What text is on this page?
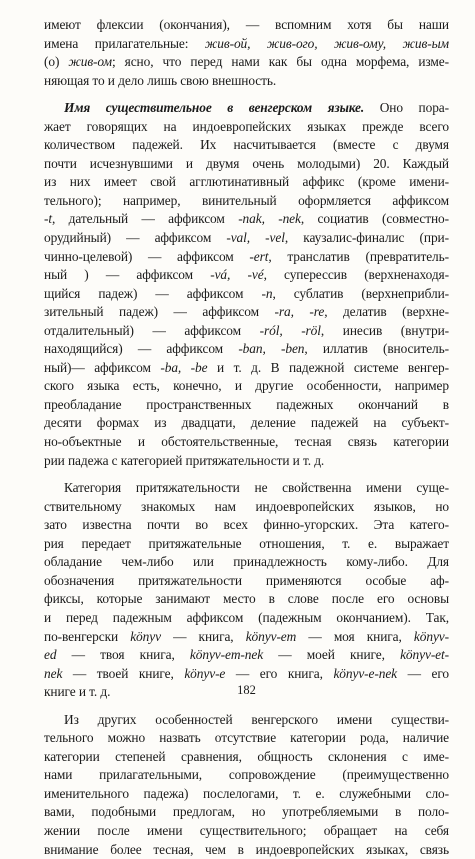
имеют флексии (окончания), — вспомним хотя бы наши
имена прилагательные: жив-ой, жив-ого, жив-ому, жив-ым
(о) жив-ом; ясно, что перед нами как бы одна морфема, изме-
няющая то и дело лишь свою внешность.
Имя существительное в венгерском языке. Оно пора-
жает говорящих на индоевропейских языках прежде всего
количеством падежей. Их насчитывается (вместе с двумя
почти исчезнувшими и двумя очень молодыми) 20. Каждый
из них имеет свой агглютинативный аффикс (кроме имени-
тельного); например, винительный оформляется аффиксом
-t, дательный — аффиксом -nak, -nek, социатив (совместно-
орудийный) — аффиксом -val, -vel, каузалис-финалис (при-
чинно-целевой) — аффиксом -ert, транслатив (превратитель-
ный ) — аффиксом -vá, -vé, суперессив (верхненаходя-
щийся падеж) — аффиксом -n, сублатив (верхнеприбли-
зительный падеж) — аффиксом -ra, -re, делатив (верхне-
отдалительный) — аффиксом -ról, -röl, инесив (внутри-
находящийся) — аффиксом -ban, -ben, иллатив (вноситель-
ный)— аффиксом -ba, -be и т. д. В падежной системе венгер-
ского языка есть, конечно, и другие особенности, например
преобладание пространственных падежных окончаний в
десяти формах из двадцати, деление падежей на субъект-
но-объектные и обстоятельственные, тесная связь категории
рии падежа с категорией притяжательности и т. д.
Категория притяжательности не свойственна имени суще-
ствительному знакомых нам индоевропейских языков, но
зато известна почти во всех финно-угорских. Эта катего-
рия передает притяжательные отношения, т. е. выражает
обладание чем-либо или принадлежность кому-либо. Для
обозначения притяжательности применяются особые аф-
фиксы, которые занимают место в слове после его основы
и перед падежным аффиксом (падежным окончанием). Так,
по-венгерски könyv — книга, könyv-em — моя книга, könyv-
ed — твоя книга, könyv-em-nek — моей книге, könyv-et-
nek — твоей книге, könyv-e — его книга, könyv-e-nek — его
книге и т. д.
Из других особенностей венгерского имени существи-
тельного можно назвать отсутствие категории рода, наличие
категории степеней сравнения, общность склонения с име-
нами прилагательными, сопровождение (преимущественно
именительного падежа) послелогами, т. е. служебными сло-
вами, подобными предлогам, но употребляемыми в поло-
жении после имени существительного; обращает на себя
внимание более тесная, чем в индоевропейских языках, связь
182
